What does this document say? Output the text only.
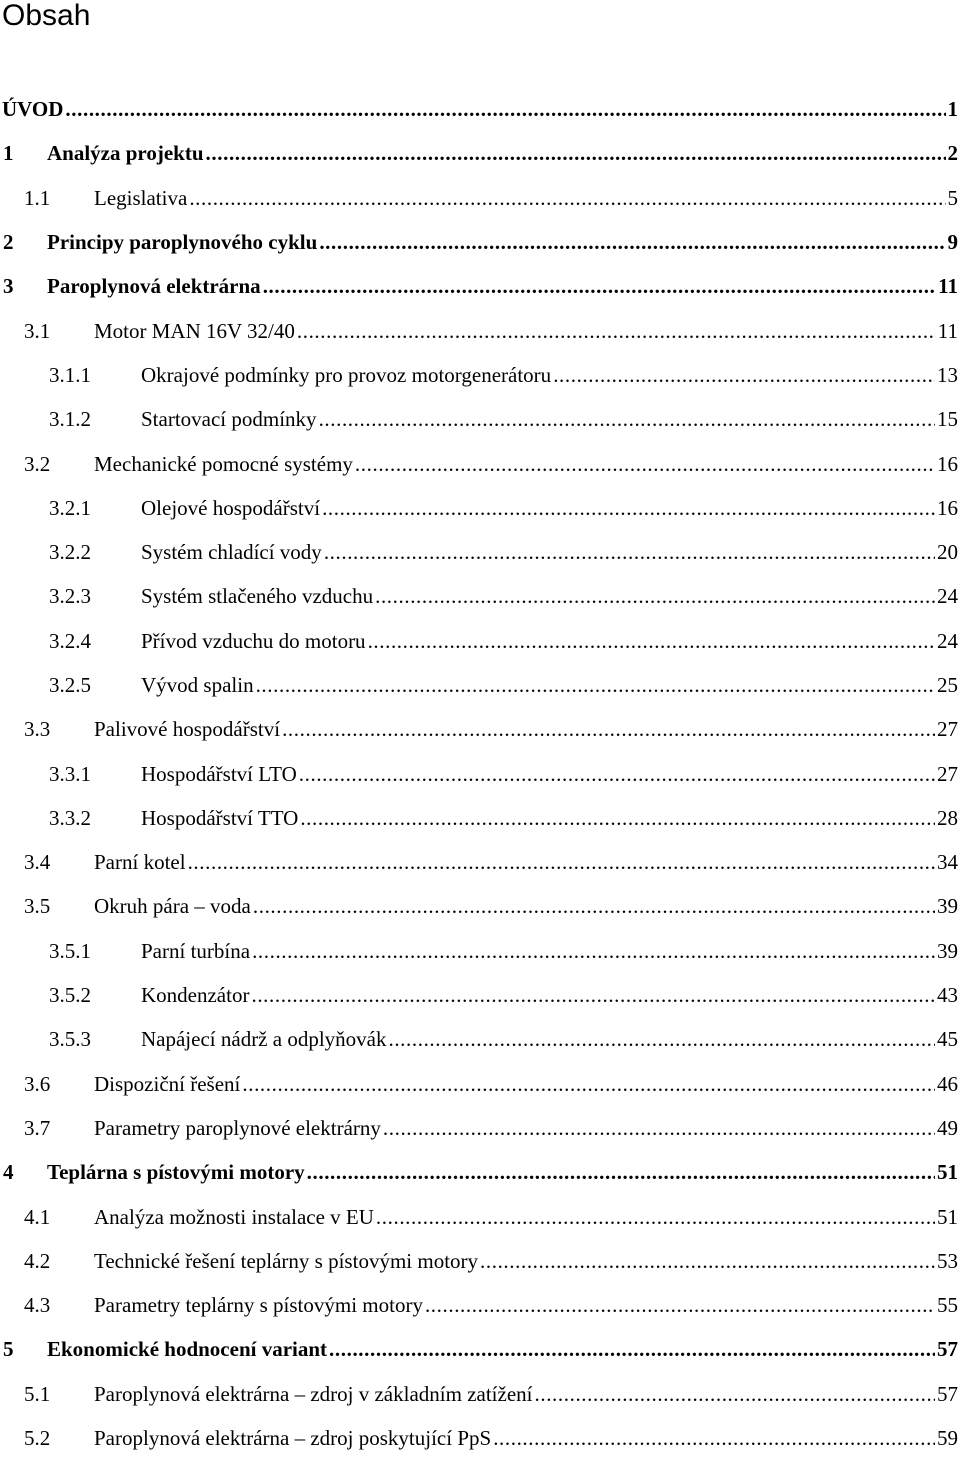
Obsah
ÚVOD .....	1
1	Analýza projektu .....	2
1.1	Legislativa .....	5
2	Principy paroplynového cyklu .....	9
3	Paroplynová elektrárna .....	11
3.1	Motor MAN 16V 32/40 .....	11
3.1.1	Okrajové podmínky pro provoz motorgenerátoru .....	13
3.1.2	Startovací podmínky .....	15
3.2	Mechanické pomocné systémy .....	16
3.2.1	Olejové hospodářství .....	16
3.2.2	Systém chladící vody .....	20
3.2.3	Systém stlačeného vzduchu .....	24
3.2.4	Přívod vzduchu do motoru .....	24
3.2.5	Vývod spalin .....	25
3.3	Palivové hospodářství .....	27
3.3.1	Hospodářství LTO .....	27
3.3.2	Hospodářství TTO .....	28
3.4	Parní kotel .....	34
3.5	Okruh pára – voda .....	39
3.5.1	Parní turbína .....	39
3.5.2	Kondenzátor .....	43
3.5.3	Napájecí nádrž a odplyňovák .....	45
3.6	Dispoziční řešení .....	46
3.7	Parametry paroplynové elektrárny .....	49
4	Teplárna s pístovými motory .....	51
4.1	Analýza možnosti instalace v EU .....	51
4.2	Technické řešení teplárny s pístovými motory .....	53
4.3	Parametry teplárny s pístovými motory .....	55
5	Ekonomické hodnocení variant .....	57
5.1	Paroplynová elektrárna – zdroj v základním zatížení .....	57
5.2	Paroplynová elektrárna – zdroj poskytující PpS .....	59
